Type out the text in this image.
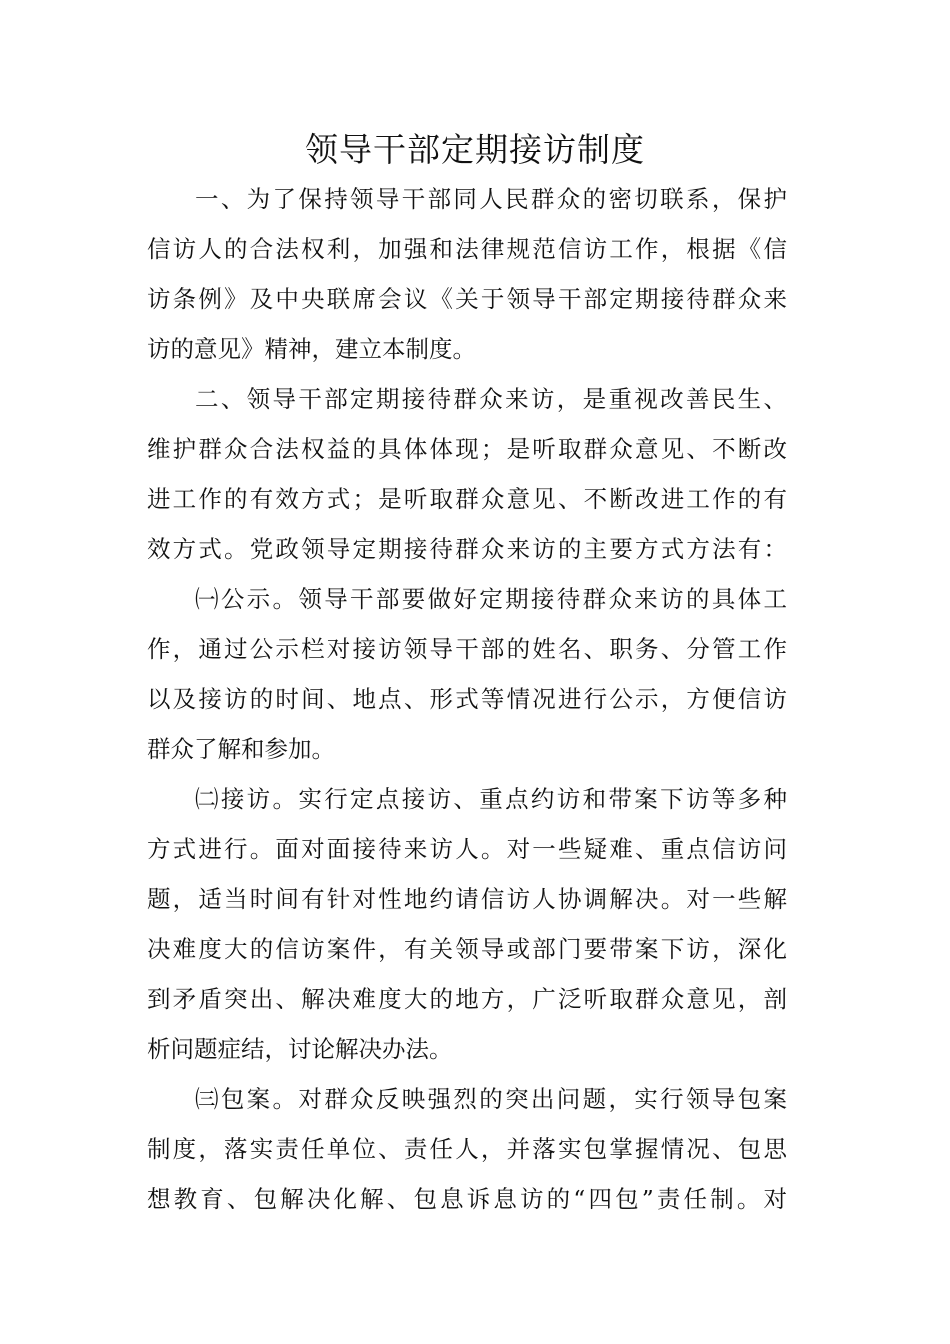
领导干部定期接访制度
一、为了保持领导干部同人民群众的密切联系，保护
信访人的合法权利，加强和法律规范信访工作，根据《信
访条例》及中央联席会议《关于领导干部定期接待群众来
访的意见》精神，建立本制度。
二、领导干部定期接待群众来访，是重视改善民生、
维护群众合法权益的具体体现；是听取群众意见、不断改
进工作的有效方式；是听取群众意见、不断改进工作的有
效方式。党政领导定期接待群众来访的主要方式方法有：
㈠公示。领导干部要做好定期接待群众来访的具体工
作，通过公示栏对接访领导干部的姓名、职务、分管工作
以及接访的时间、地点、形式等情况进行公示，方便信访
群众了解和参加。
㈡接访。实行定点接访、重点约访和带案下访等多种
方式进行。面对面接待来访人。对一些疑难、重点信访问
题，适当时间有针对性地约请信访人协调解决。对一些解
决难度大的信访案件，有关领导或部门要带案下访，深化
到矛盾突出、解决难度大的地方，广泛听取群众意见，剖
析问题症结，讨论解决办法。
㈢包案。对群众反映强烈的突出问题，实行领导包案
制度，落实责任单位、责任人，并落实包掌握情况、包思
想教育、包解决化解、包息诉息访的“四包”责任制。对
